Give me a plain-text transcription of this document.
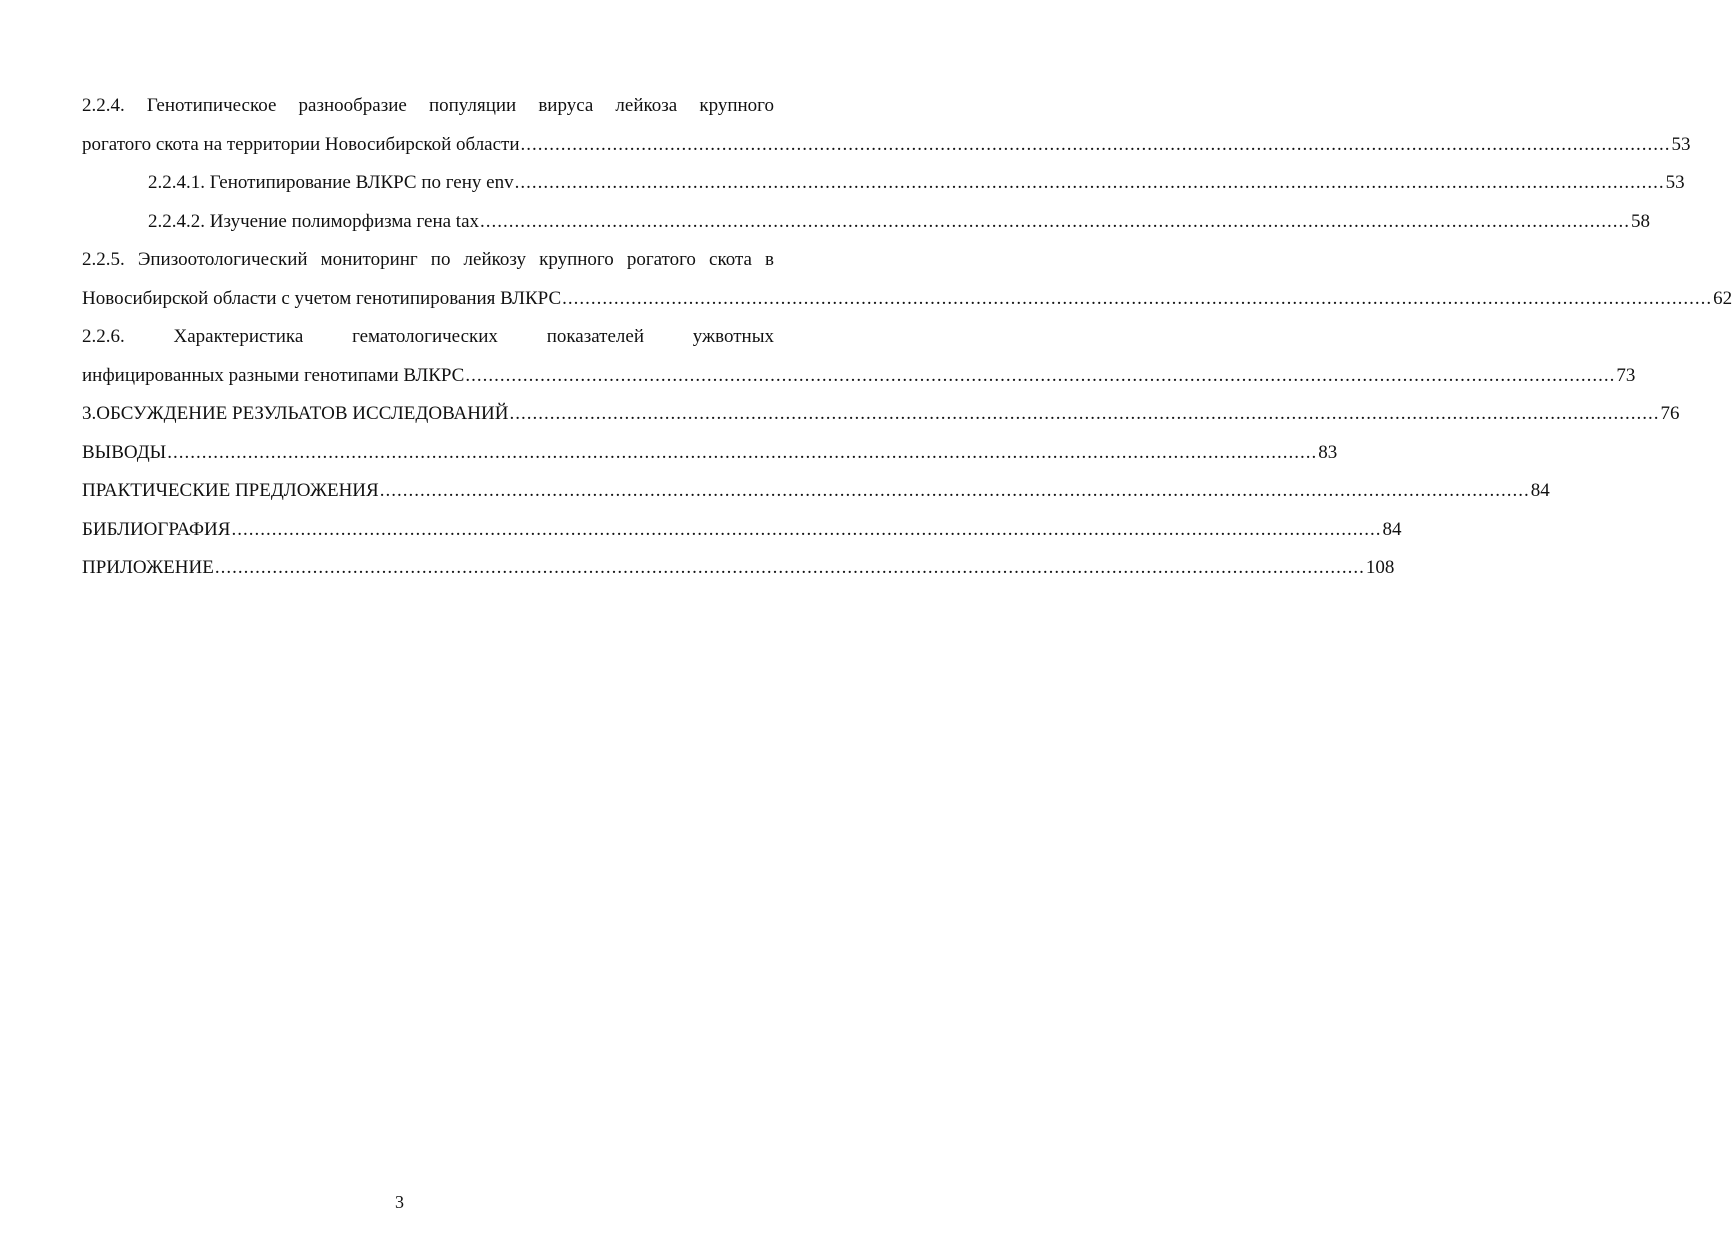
2.2.4. Генотипическое разнообразие популяции вируса лейкоза крупного
рогатого скота на территории Новосибирской области ........................................................................................................................................................................................................ 53
2.2.4.1. Генотипирование ВЛКРС по гену env ........................................................................................................................................................................................................ 53
2.2.4.2. Изучение полиморфизма гена tax ........................................................................................................................................................................................................ 58
2.2.5. Эпизоотологический мониторинг по лейкозу крупного рогатого скота в
Новосибирской области с учетом генотипирования ВЛКРС ........................................................................................................................................................................................................ 62
2.2.6. Характеристика гематологических показателей ужвотных
инфицированных разными генотипами ВЛКРС ........................................................................................................................................................................................................ 73
3.ОБСУЖДЕНИЕ РЕЗУЛЬАТОВ ИССЛЕДОВАНИЙ ........................................................................................................................................................................................................ 76
ВЫВОДЫ ........................................................................................................................................................................................................ 83
ПРАКТИЧЕСКИЕ ПРЕДЛОЖЕНИЯ ........................................................................................................................................................................................................ 84
БИБЛИОГРАФИЯ ........................................................................................................................................................................................................ 84
ПРИЛОЖЕНИЕ ........................................................................................................................................................................................................ 108
3
